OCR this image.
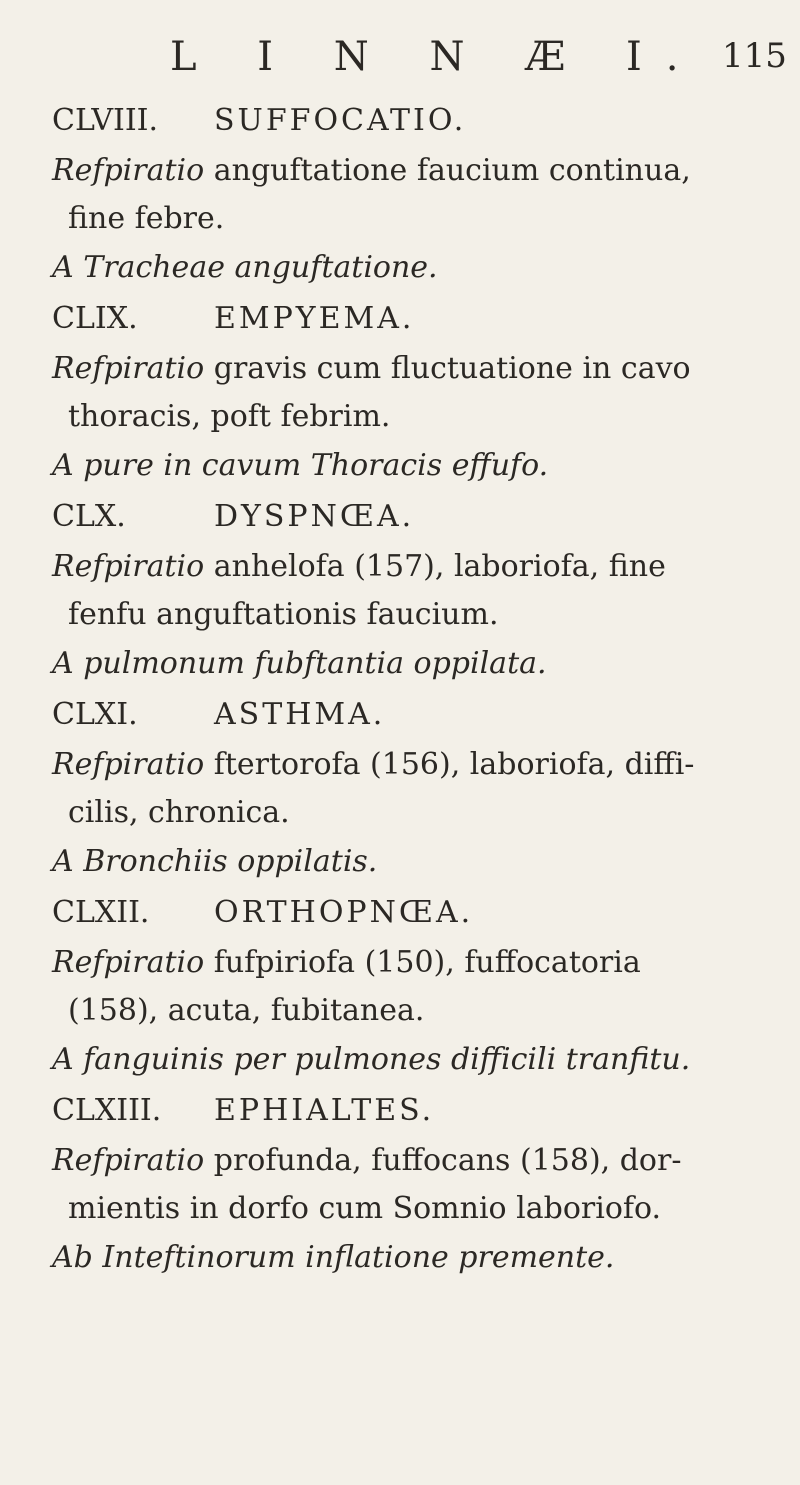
L I N N Æ I. 115
CLVIII. SUFFOCATIO.
Refpiratio anguftatione faucium continua,
fine febre.
A Tracheae anguftatione.
CLIX.	EMPYEMA.
Refpiratio gravis cum fluctuatione in cavo
thoracis, poft febrim.
A pure in cavum Thoracis effufo.
CLX.	DYSPNŒA.
Refpiratio anhelofa (157), laboriofa, fine
fenfu anguftationis faucium.
A pulmonum fubftantia oppilata.
CLXI.	ASTHMA.
Refpiratio ftertorofa (156), laboriofa, diffi-
cilis, chronica.
A Bronchiis oppilatis.
CLXII. ORTHOPNŒA.
Refpiratio fufpiriofa (150), fuffocatoria
(158), acuta, fubitanea.
A fanguinis per pulmones difficili tranfitu.
CLXIII. EPHIALTES.
Refpiratio profunda, fuffocans (158), dor-
mientis in dorfo cum Somnio laboriofo.
Ab Inteftinorum inflatione premente.
